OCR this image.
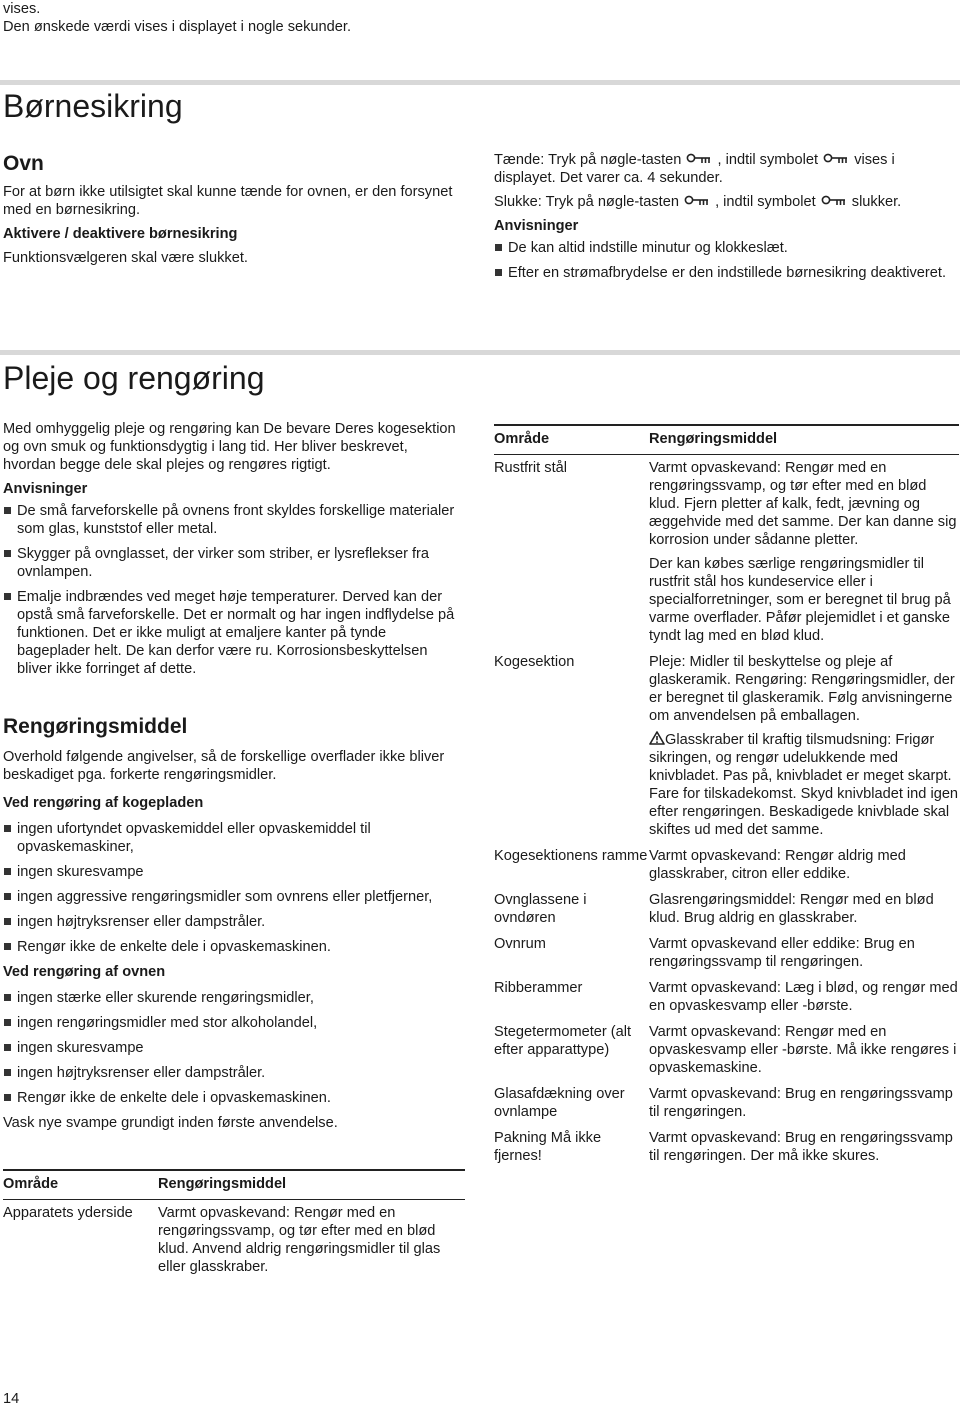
vises.

Den ønskede værdi vises i displayet i nogle sekunder.

Børnesikring
Ovn

For at børn ikke utilsigtet skal kunne tænde for ovnen, er den forsynet med en børnesikring.

Aktivere / deaktivere børnesikring

Funktionsvælgeren skal være slukket.

Tænde: Tryk på nøgle-tasten , indtil symbolet  vises i displayet. Det varer ca. 4 sekunder.

Slukke: Tryk på nøgle-tasten , indtil symbolet  slukker.

Anvisninger

De kan altid indstille minutur og klokkeslæt.
Efter en strømafbrydelse er den indstillede børnesikring deaktiveret.
Pleje og rengøring

Med omhyggelig pleje og rengøring kan De bevare Deres kogesektion og ovn smuk og funktionsdygtig i lang tid. Her bliver beskrevet, hvordan begge dele skal plejes og rengøres rigtigt.

Anvisninger

De små farveforskelle på ovnens front skyldes forskellige materialer som glas, kunststof eller metal.
Skygger på ovnglasset, der virker som striber, er lysreflekser fra ovnlampen.
Emalje indbrændes ved meget høje temperaturer. Derved kan der opstå små farveforskelle. Det er normalt og har ingen indflydelse på funktionen. Det er ikke muligt at emaljere kanter på tynde bageplader helt. De kan derfor være ru. Korrosionsbeskyttelsen bliver ikke forringet af dette.
Rengøringsmiddel

Overhold følgende angivelser, så de forskellige overflader ikke bliver beskadiget pga. forkerte rengøringsmidler.

Ved rengøring af kogepladen

ingen ufortyndet opvaskemiddel eller opvaskemiddel til opvaskemaskiner,
ingen skuresvampe
ingen aggressive rengøringsmidler som ovnrens eller pletfjerner,
ingen højtryksrenser eller dampstråler.
Rengør ikke de enkelte dele i opvaskemaskinen.

Ved rengøring af ovnen

ingen stærke eller skurende rengøringsmidler,
ingen rengøringsmidler med stor alkoholandel,
ingen skuresvampe
ingen højtryksrenser eller dampstråler.
Rengør ikke de enkelte dele i opvaskemaskinen.

Vask nye svampe grundigt inden første anvendelse.

Område	Rengøringsmiddel
Apparatets yderside	Varmt opvaskevand: Rengør med en rengøringssvamp, og tør efter med en blød klud. Anvend aldrig rengøringsmidler til glas eller glasskraber.
Område	Rengøringsmiddel
Rustfrit stål	Varmt opvaskevand: Rengør med en rengøringssvamp, og tør efter med en blød klud. Fjern pletter af kalk, fedt, jævning og æggehvide med det samme. Der kan danne sig korrosion under sådanne pletter.

Der kan købes særlige rengøringsmidler til rustfrit stål hos kundeservice eller i specialforretninger, som er beregnet til brug på varme overflader. Påfør plejemidlet i et ganske tyndt lag med en blød klud.

Kogesektion	Pleje: Midler til beskyttelse og pleje af glaskeramik. Rengøring: Rengøringsmidler, der er beregnet til glaskeramik. Følg anvisningerne om anvendelsen på emballagen.

Glasskraber til kraftig tilsmudsning: Frigør sikringen, og rengør udelukkende med knivbladet. Pas på, knivbladet er meget skarpt. Fare for tilskadekomst. Skyd knivbladet ind igen efter rengøringen. Beskadigede knivblade skal skiftes ud med det samme.

Kogesektionens ramme	Varmt opvaskevand: Rengør aldrig med glasskraber, citron eller eddike.
Ovnglassene i ovndøren	Glasrengøringsmiddel: Rengør med en blød klud. Brug aldrig en glasskraber.
Ovnrum	Varmt opvaskevand eller eddike: Brug en rengøringssvamp til rengøringen.
Ribberammer	Varmt opvaskevand: Læg i blød, og rengør med en opvaskesvamp eller -børste.
Stegetermometer (alt efter apparattype)	Varmt opvaskevand: Rengør med en opvaskesvamp eller -børste. Må ikke rengøres i opvaskemaskine.
Glasafdækning over ovnlampe	Varmt opvaskevand: Brug en rengøringssvamp til rengøringen.
Pakning Må ikke fjernes!	Varmt opvaskevand: Brug en rengøringssvamp til rengøringen. Der må ikke skures.
14
